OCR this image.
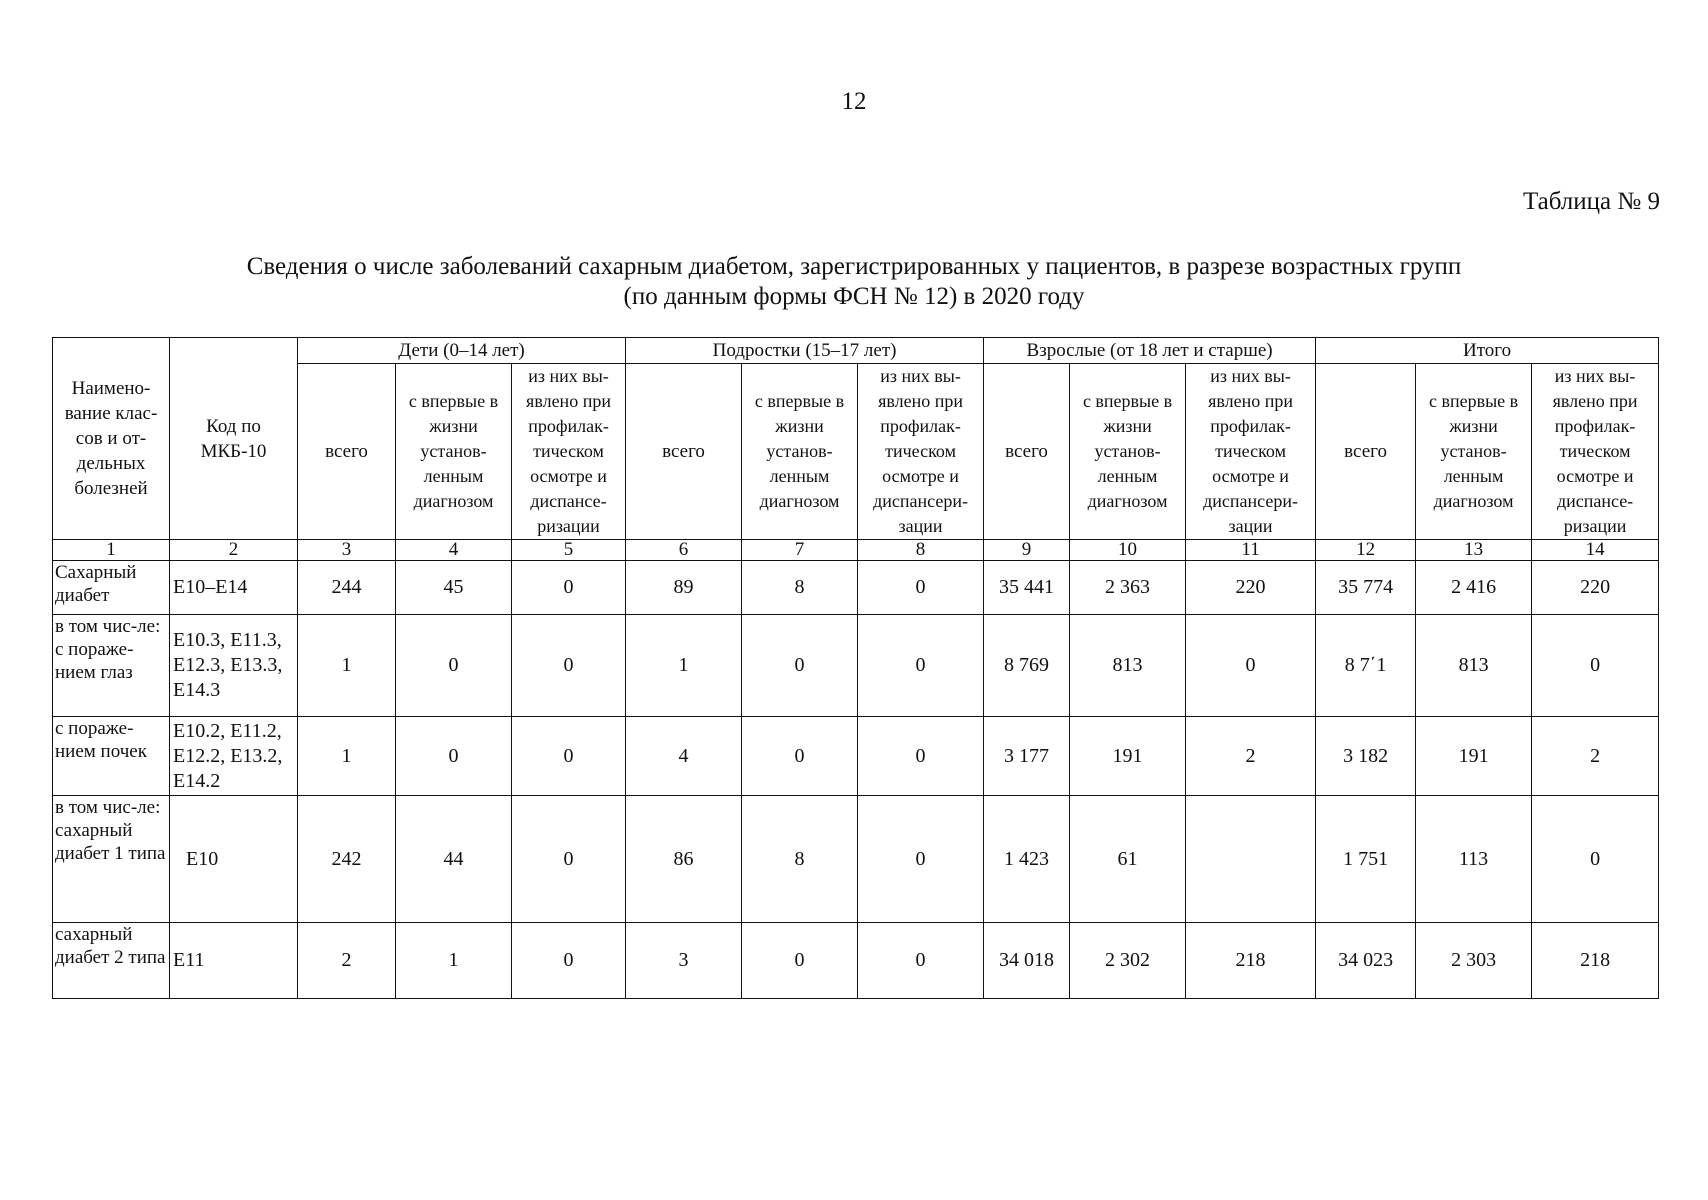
12
Таблица № 9
Сведения о числе заболеваний сахарным диабетом, зарегистрированных у пациентов, в разрезе возрастных групп
(по данным формы ФСН № 12) в 2020 году
Наимено-вание клас-сов и от-дельных болезней	Код по МКБ-10	Дети (0–14 лет)			Подростки (15–17 лет)			Взрослые (от 18 лет и старше)			Итого		
		всего	с впервые в жизни установ-ленным диагнозом	из них вы-явлено при профилак-тическом осмотре и диспансе-ризации	всего	с впервые в жизни установ-ленным диагнозом	из них вы-явлено при профилак-тическом осмотре и диспансери-зации	всего	с впервые в жизни установ-ленным диагнозом	из них вы-явлено при профилак-тическом осмотре и диспансери-зации	всего	с впервые в жизни установ-ленным диагнозом	из них вы-явлено при профилак-тическом осмотре и диспансе-ризации
1	2	3	4	5	6	7	8	9	10	11	12	13	14
Сахарный диабет	E10–E14	244	45	0	89	8	0	35 441	2 363	220	35 774	2 416	220
в том чис-ле: с пораже-нием глаз	E10.3, E11.3, E12.3, E13.3, E14.3	1	0	0	1	0	0	8 769	813	0	8 7΄1	813	0
с пораже-нием почек	E10.2, E11.2, E12.2, E13.2, E14.2	1	0	0	4	0	0	3 177	191	2	3 182	191	2
в том чис-ле: сахарный диабет 1 типа	E10	242	44	0	86	8	0	1 423	61		1 751	113	0
сахарный диабет 2 типа	E11	2	1	0	3	0	0	34 018	2 302	218	34 023	2 303	218
